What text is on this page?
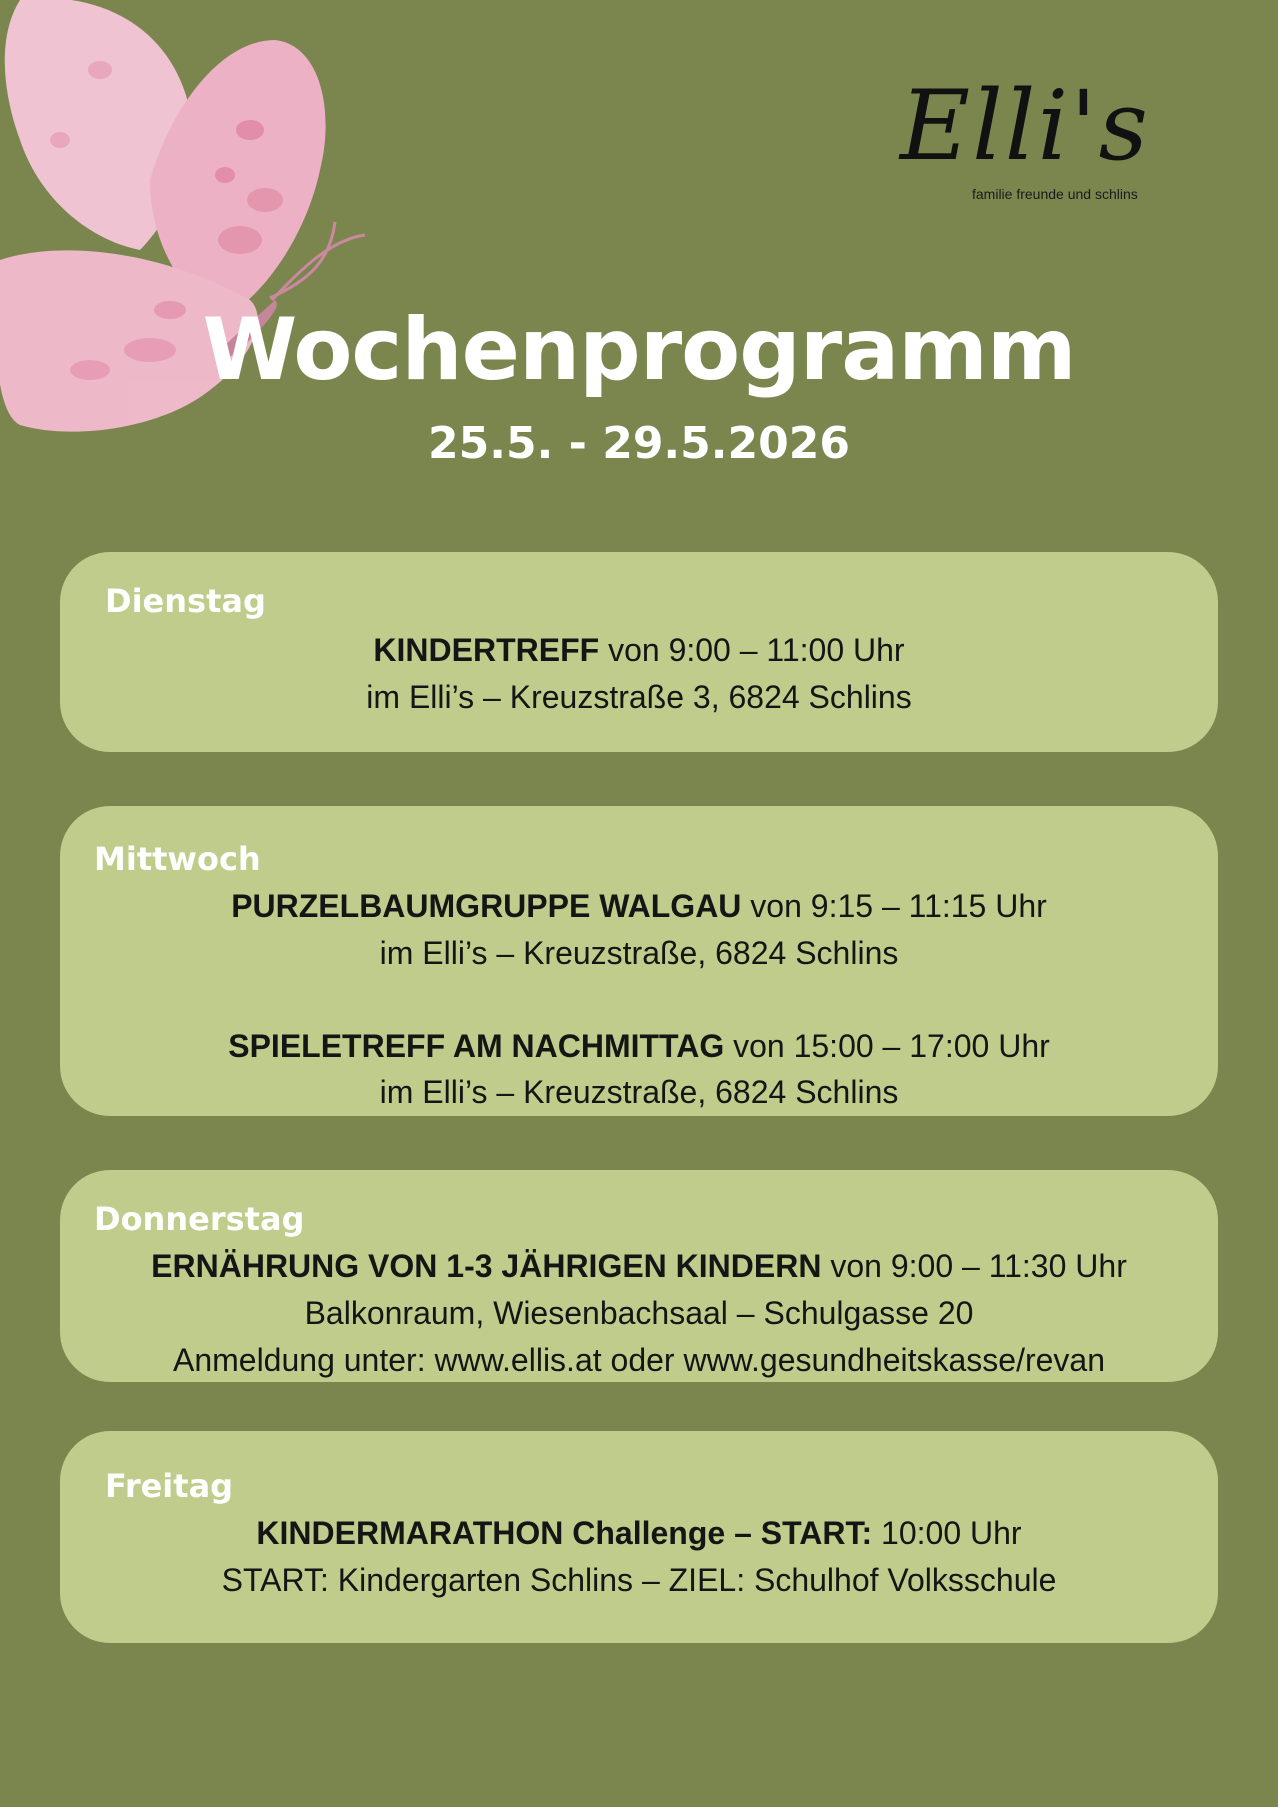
Elli's
familie freunde und schlins
Wochenprogramm
25.5. - 29.5.2026
Dienstag
KINDERTREFF von 9:00 – 11:00 Uhr
im Elli’s – Kreuzstraße 3, 6824 Schlins
Mittwoch
PURZELBAUMGRUPPE WALGAU von 9:15 – 11:15 Uhr
im Elli’s – Kreuzstraße, 6824 Schlins
SPIELETREFF AM NACHMITTAG von 15:00 – 17:00 Uhr
im Elli’s – Kreuzstraße, 6824 Schlins
Donnerstag
ERNÄHRUNG VON 1-3 JÄHRIGEN KINDERN von 9:00 – 11:30 Uhr
Balkonraum, Wiesenbachsaal – Schulgasse 20
Anmeldung unter: www.ellis.at oder www.gesundheitskasse/revan
Freitag
KINDERMARATHON Challenge – START: 10:00 Uhr
START: Kindergarten Schlins – ZIEL: Schulhof Volksschule
